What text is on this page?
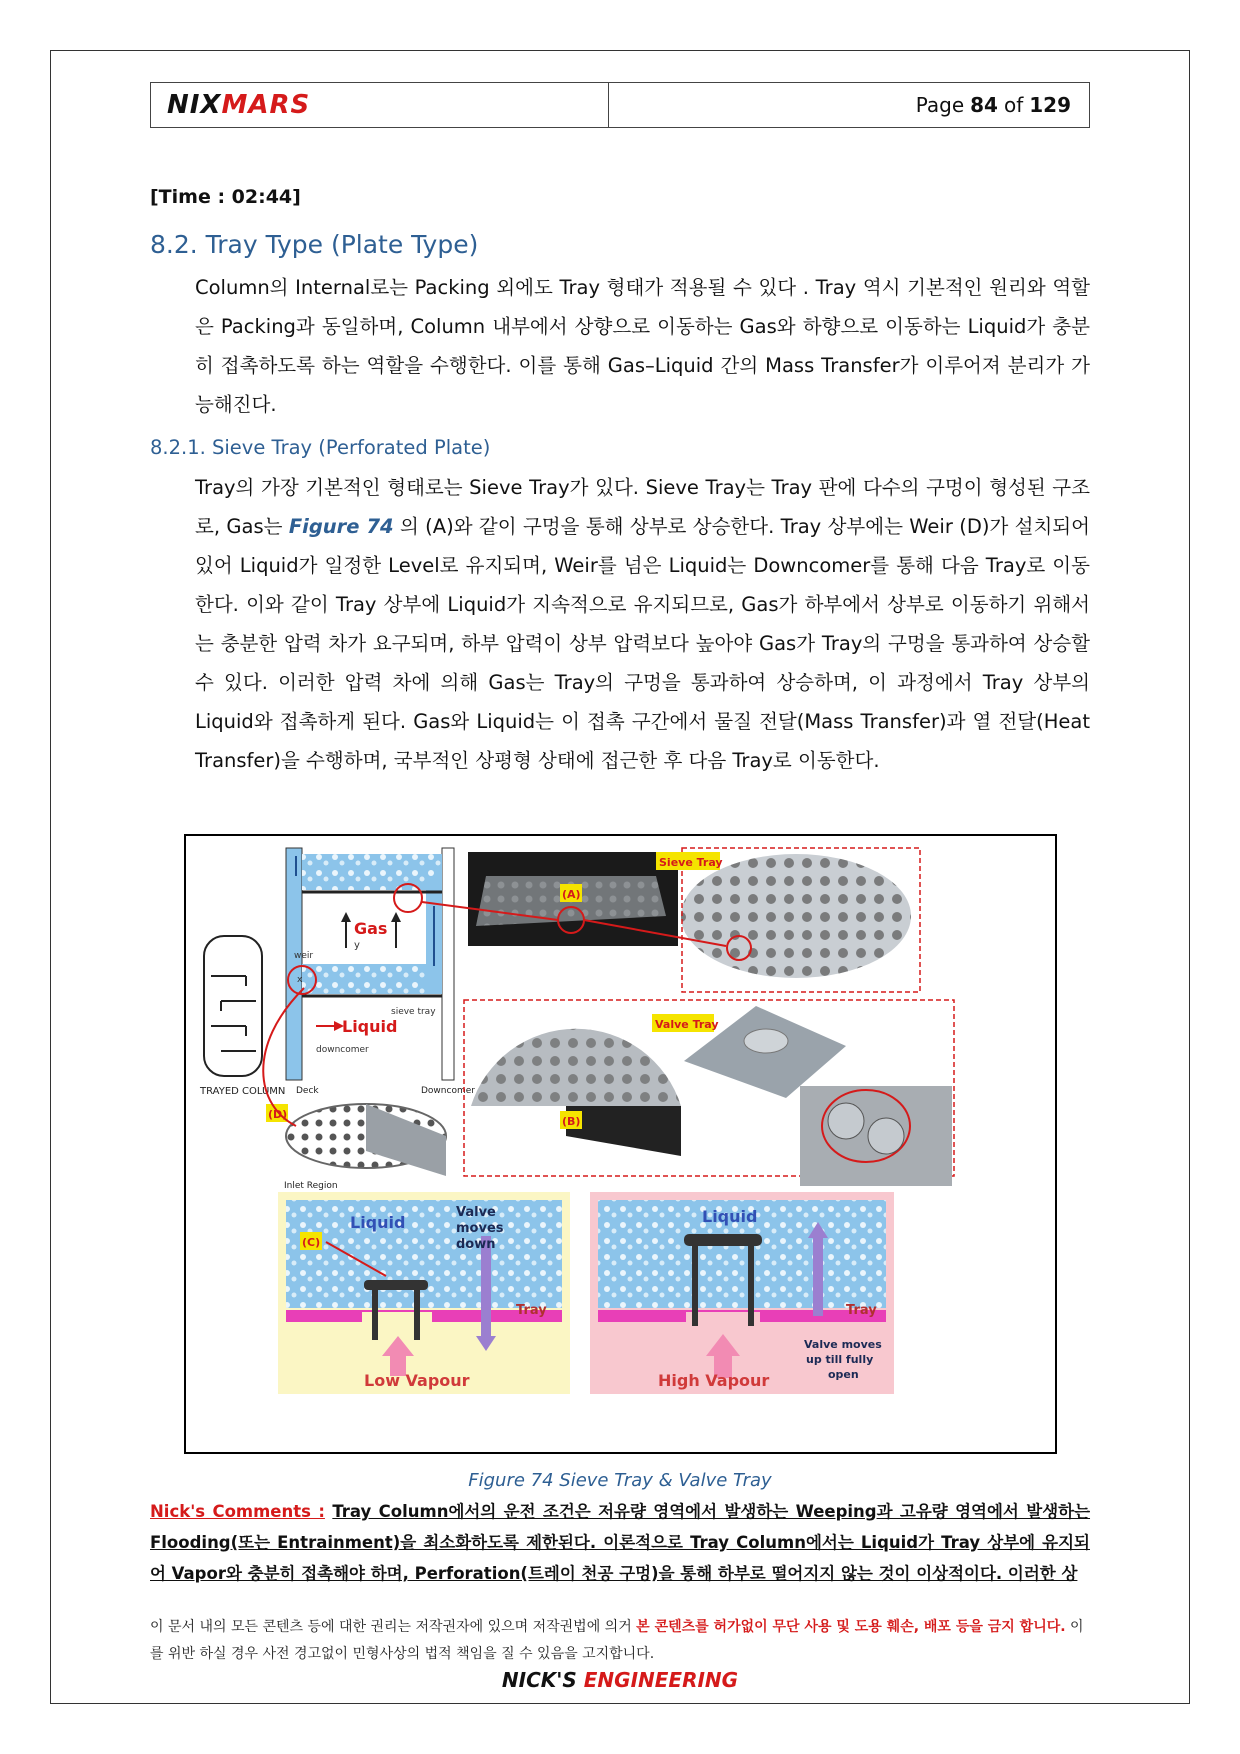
NIXMARS	Page 84 of 129
[Time : 02:44]
8.2. Tray Type (Plate Type)

Column의 Internal로는 Packing 외에도 Tray 형태가 적용될 수 있다 . Tray 역시 기본적인 원리와 역할은 Packing과 동일하며, Column 내부에서 상향으로 이동하는 Gas와 하향으로 이동하는 Liquid가 충분히 접촉하도록 하는 역할을 수행한다. 이를 통해 Gas–Liquid 간의 Mass Transfer가 이루어져 분리가 가능해진다.

8.2.1. Sieve Tray (Perforated Plate)

Tray의 가장 기본적인 형태로는 Sieve Tray가 있다. Sieve Tray는 Tray 판에 다수의 구멍이 형성된 구조로, Gas는 Figure 74 의 (A)와 같이 구멍을 통해 상부로 상승한다. Tray 상부에는 Weir (D)가 설치되어 있어 Liquid가 일정한 Level로 유지되며, Weir를 넘은 Liquid는 Downcomer를 통해 다음 Tray로 이동한다. 이와 같이 Tray 상부에 Liquid가 지속적으로 유지되므로, Gas가 하부에서 상부로 이동하기 위해서는 충분한 압력 차가 요구되며, 하부 압력이 상부 압력보다 높아야 Gas가 Tray의 구멍을 통과하여 상승할 수 있다. 이러한 압력 차에 의해 Gas는 Tray의 구멍을 통과하여 상승하며, 이 과정에서 Tray 상부의 Liquid와 접촉하게 된다. Gas와 Liquid는 이 접촉 구간에서 물질 전달(Mass Transfer)과 열 전달(Heat Transfer)을 수행하며, 국부적인 상평형 상태에 접근한 후 다음 Tray로 이동한다.

TRAYED COLUMN
Gas
y
weir
x
sieve tray
Liquid
downcomer
Deck	Downcomer
Inlet Region
(D)
Sieve Tray
(A)
Valve Tray
(B)
Liquid
Valve
moves
down
Tray
Low Vapour
(C)
Liquid
Tray
Valve moves
up till fully
open
High Vapour
Figure 74 Sieve Tray & Valve Tray
Nick's Comments : Tray Column에서의 운전 조건은 저유량 영역에서 발생하는 Weeping과 고유량 영역에서 발생하는 Flooding(또는 Entrainment)을 최소화하도록 제한된다. 이론적으로 Tray Column에서는 Liquid가 Tray 상부에 유지되어 Vapor와 충분히 접촉해야 하며, Perforation(트레이 천공 구멍)을 통해 하부로 떨어지지 않는 것이 이상적이다. 이러한 상
이 문서 내의 모든 콘텐츠 등에 대한 권리는 저작권자에 있으며 저작권법에 의거 본 콘텐츠를 허가없이 무단 사용 및 도용 훼손, 배포 등을 금지 합니다. 이를 위반 하실 경우 사전 경고없이 민형사상의 법적 책임을 질 수 있음을 고지합니다.
NICK'S ENGINEERING
